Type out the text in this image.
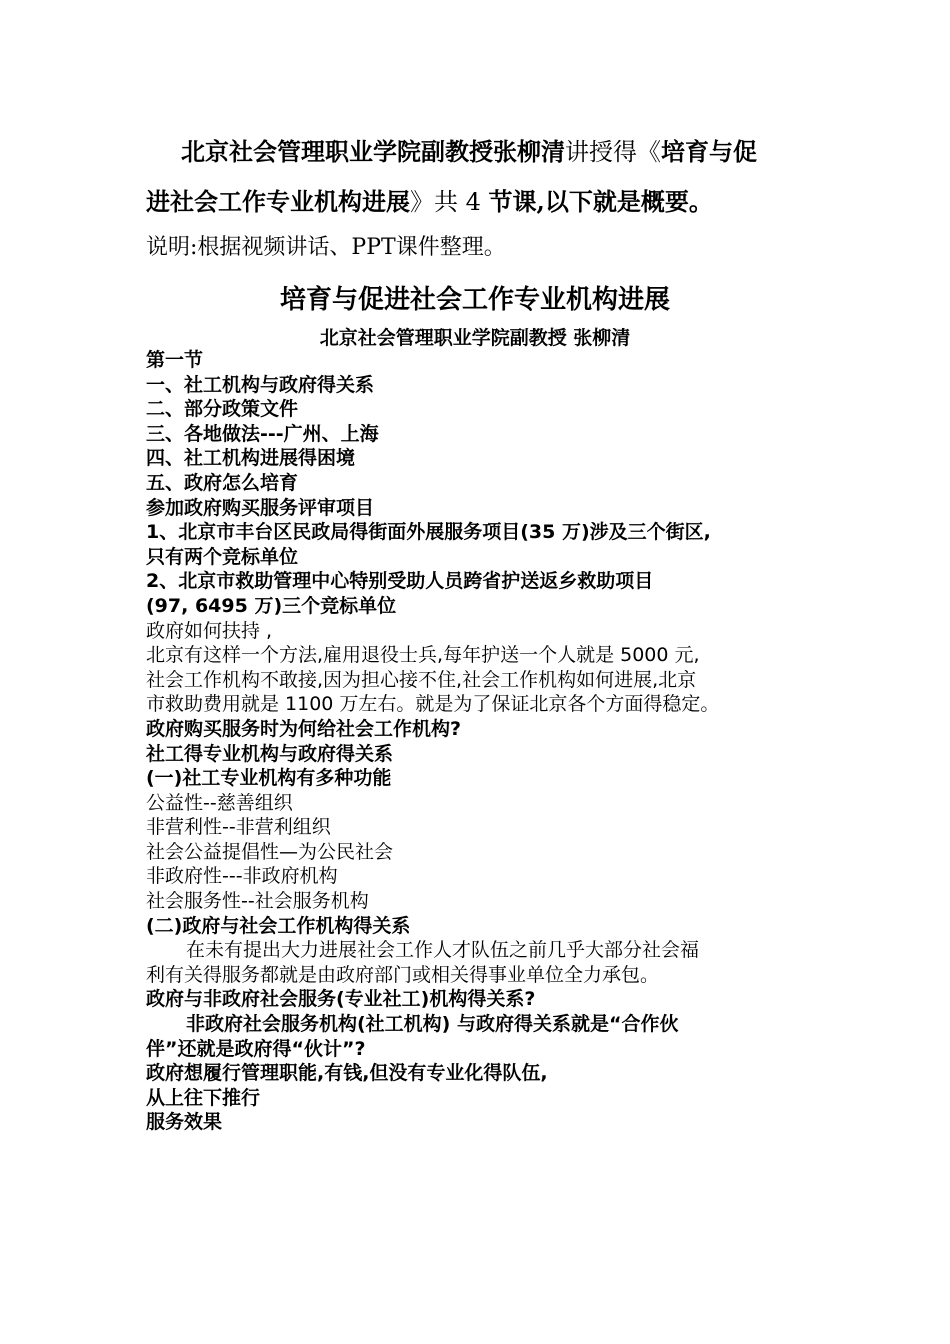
北京社会管理职业学院副教授张柳清讲授得《培育与促
进社会工作专业机构进展》共 4 节课,以下就是概要。
说明:根据视频讲话、PPT课件整理。
培育与促进社会工作专业机构进展
北京社会管理职业学院副教授 张柳清
第一节
一、社工机构与政府得关系
二、部分政策文件
三、各地做法---广州、上海
四、社工机构进展得困境
五、政府怎么培育
参加政府购买服务评审项目
1、北京市丰台区民政局得街面外展服务项目(35 万)涉及三个街区,
只有两个竞标单位
2、北京市救助管理中心特别受助人员跨省护送返乡救助项目
(97, 6495 万)三个竞标单位
政府如何扶持 ,
北京有这样一个方法,雇用退役士兵,每年护送一个人就是 5000 元,
社会工作机构不敢接,因为担心接不住,社会工作机构如何进展,北京
市救助费用就是 1100 万左右。就是为了保证北京各个方面得稳定。
政府购买服务时为何给社会工作机构?
社工得专业机构与政府得关系
(一)社工专业机构有多种功能
公益性--慈善组织
非营利性--非营利组织
社会公益提倡性—为公民社会
非政府性---非政府机构
社会服务性--社会服务机构
(二)政府与社会工作机构得关系
在未有提出大力进展社会工作人才队伍之前几乎大部分社会福
利有关得服务都就是由政府部门或相关得事业单位全力承包。
政府与非政府社会服务(专业社工)机构得关系?
非政府社会服务机构(社工机构) 与政府得关系就是“合作伙
伴”还就是政府得“伙计”?
政府想履行管理职能,有钱,但没有专业化得队伍,
从上往下推行
服务效果
